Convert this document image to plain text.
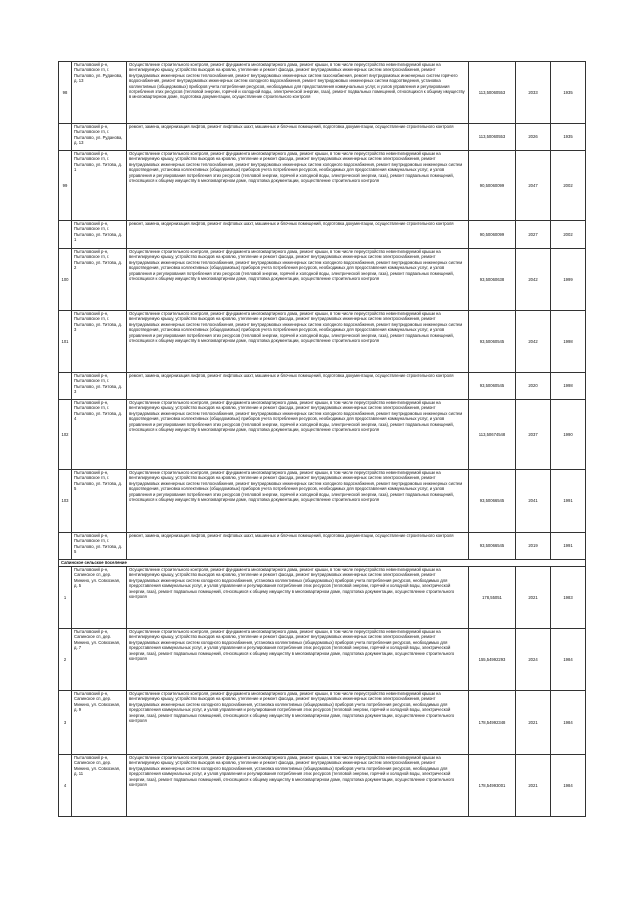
98	Пыталовский р-н, Пыталовское гп, г. Пыталово, ул. Руданова, д. 13	Осуществление строительного контроля, ремонт фундамента многоквартирного дома, ремонт крыши, в том числе переустройство невентилируемой крыши на вентилируемую крышу, устройство выходов на кровлю, утепление и ремонт фасада, ремонт внутридомовых инженерных систем электроснабжения, ремонт внутридомовых инженерных систем теплоснабжения, ремонт внутридомовых инженерных систем газоснабжения, ремонт внутридомовых инженерных систем горячего водоснабжения, ремонт внутридомовых инженерных систем холодного водоснабжения, ремонт внутридомовых инженерных систем водоотведения, установка коллективных (общедомовых) приборов учета потребления ресурсов, необходимых для предоставления коммунальных услуг, и узлов управления и регулирования потребления этих ресурсов (тепловой энергии, горячей и холодной воды, электрической энергии, газа), ремонт подвальных помещений, относящихся к общему имуществу в многоквартирном доме, подготовка документации, осуществление строительного контроля	113,50060553	2033	1935
	Пыталовский р-н, Пыталовское гп, г. Пыталово, ул. Руданова, д. 13	ремонт, замена, модернизация лифтов, ремонт лифтовых шахт, машинных и блочных помещений, подготовка документации, осуществление строительного контроля	113,50060553	2026	1935
99	Пыталовский р-н, Пыталовское гп, г. Пыталово, ул. Титова, д. 1	Осуществление строительного контроля, ремонт фундамента многоквартирного дома, ремонт крыши, в том числе переустройство невентилируемой крыши на вентилируемую крышу, устройство выходов на кровлю, утепление и ремонт фасада, ремонт внутридомовых инженерных систем электроснабжения, ремонт внутридомовых инженерных систем теплоснабжения, ремонт внутридомовых инженерных систем холодного водоснабжения, ремонт внутридомовых инженерных систем водоотведения, установка коллективных (общедомовых) приборов учета потребления ресурсов, необходимых для предоставления коммунальных услуг, и узлов управления и регулирования потребления этих ресурсов (тепловой энергии, горячей и холодной воды, электрической энергии, газа), ремонт подвальных помещений, относящихся к общему имуществу в многоквартирном доме, подготовка документации, осуществление строительного контроля	90,50060099	2047	2002
	Пыталовский р-н, Пыталовское гп, г. Пыталово, ул. Титова, д. 1	ремонт, замена, модернизация лифтов, ремонт лифтовых шахт, машинных и блочных помещений, подготовка документации, осуществление строительного контроля	90,50060099	2027	2002
100	Пыталовский р-н, Пыталовское гп, г. Пыталово, ул. Титова, д. 2	Осуществление строительного контроля, ремонт фундамента многоквартирного дома, ремонт крыши, в том числе переустройство невентилируемой крыши на вентилируемую крышу, устройство выходов на кровлю, утепление и ремонт фасада, ремонт внутридомовых инженерных систем электроснабжения, ремонт внутридомовых инженерных систем теплоснабжения, ремонт внутридомовых инженерных систем холодного водоснабжения, ремонт внутридомовых инженерных систем водоотведения, установка коллективных (общедомовых) приборов учета потребления ресурсов, необходимых для предоставления коммунальных услуг, и узлов управления и регулирования потребления этих ресурсов (тепловой энергии, горячей и холодной воды, электрической энергии, газа), ремонт подвальных помещений, относящихся к общему имуществу в многоквартирном доме, подготовка документации, осуществление строительного контроля	93,50060638	2042	1999
101	Пыталовский р-н, Пыталовское гп, г. Пыталово, ул. Титова, д. 3	Осуществление строительного контроля, ремонт фундамента многоквартирного дома, ремонт крыши, в том числе переустройство невентилируемой крыши на вентилируемую крышу, устройство выходов на кровлю, утепление и ремонт фасада, ремонт внутридомовых инженерных систем электроснабжения, ремонт внутридомовых инженерных систем теплоснабжения, ремонт внутридомовых инженерных систем холодного водоснабжения, ремонт внутридомовых инженерных систем водоотведения, установка коллективных (общедомовых) приборов учета потребления ресурсов, необходимых для предоставления коммунальных услуг, и узлов управления и регулирования потребления этих ресурсов (тепловой энергии, горячей и холодной воды, электрической энергии, газа), ремонт подвальных помещений, относящихся к общему имуществу в многоквартирном доме, подготовка документации, осуществление строительного контроля	93,50060545	2042	1998
	Пыталовский р-н, Пыталовское гп, г. Пыталово, ул. Титова, д. 3	ремонт, замена, модернизация лифтов, ремонт лифтовых шахт, машинных и блочных помещений, подготовка документации, осуществление строительного контроля	93,50060545	2020	1998
102	Пыталовский р-н, Пыталовское гп, г. Пыталово, ул. Титова, д. 4	Осуществление строительного контроля, ремонт фундамента многоквартирного дома, ремонт крыши, в том числе переустройство невентилируемой крыши на вентилируемую крышу, устройство выходов на кровлю, утепление и ремонт фасада, ремонт внутридомовых инженерных систем электроснабжения, ремонт внутридомовых инженерных систем теплоснабжения, ремонт внутридомовых инженерных систем холодного водоснабжения, ремонт внутридомовых инженерных систем водоотведения, установка коллективных (общедомовых) приборов учета потребления ресурсов, необходимых для предоставления коммунальных услуг, и узлов управления и регулирования потребления этих ресурсов (тепловой энергии, горячей и холодной воды, электрической энергии, газа), ремонт подвальных помещений, относящихся к общему имуществу в многоквартирном доме, подготовка документации, осуществление строительного контроля	113,50674548	2037	1990
103	Пыталовский р-н, Пыталовское гп, г. Пыталово, ул. Титова, д. 5	Осуществление строительного контроля, ремонт фундамента многоквартирного дома, ремонт крыши, в том числе переустройство невентилируемой крыши на вентилируемую крышу, устройство выходов на кровлю, утепление и ремонт фасада, ремонт внутридомовых инженерных систем электроснабжения, ремонт внутридомовых инженерных систем теплоснабжения, ремонт внутридомовых инженерных систем холодного водоснабжения, ремонт внутридомовых инженерных систем водоотведения, установка коллективных (общедомовых) приборов учета потребления ресурсов, необходимых для предоставления коммунальных услуг, и узлов управления и регулирования потребления этих ресурсов (тепловой энергии, горячей и холодной воды, электрической энергии, газа), ремонт подвальных помещений, относящихся к общему имуществу в многоквартирном доме, подготовка документации, осуществление строительного контроля	93,50066545	2041	1991
	Пыталовский р-н, Пыталовское гп, г. Пыталово, ул. Титова, д. 5	ремонт, замена, модернизация лифтов, ремонт лифтовых шахт, машинных и блочных помещений, подготовка документации, осуществление строительного контроля	93,50066545	2019	1991
Сапинское сельское поселение					
1	Пыталовский р-н, Сапинское сп, дер. Минино, ул. Совхозная, д. 5	Осуществление строительного контроля, ремонт фундамента многоквартирного дома, ремонт крыши, в том числе переустройство невентилируемой крыши на вентилируемую крышу, устройство выходов на кровлю, утепление и ремонт фасада, ремонт внутридомовых инженерных систем электроснабжения, ремонт внутридомовых инженерных систем холодного водоснабжения, установка коллективных (общедомовых) приборов учета потребления ресурсов, необходимых для предоставления коммунальных услуг, и узлов управления и регулирования потребления этих ресурсов (тепловой энергии, горячей и холодной воды, электрической энергии, газа), ремонт подвальных помещений, относящихся к общему имуществу в многоквартирном доме, подготовка документации, осуществление строительного контроля	178,55051	2021	1983
2	Пыталовский р-н, Сапинское сп, дер. Минино, ул. Совхозная, д. 7	Осуществление строительного контроля, ремонт фундамента многоквартирного дома, ремонт крыши, в том числе переустройство невентилируемой крыши на вентилируемую крышу, устройство выходов на кровлю, утепление и ремонт фасада, ремонт внутридомовых инженерных систем электроснабжения, ремонт внутридомовых инженерных систем холодного водоснабжения, установка коллективных (общедомовых) приборов учета потребления ресурсов, необходимых для предоставления коммунальных услуг, и узлов управления и регулирования потребления этих ресурсов (тепловой энергии, горячей и холодной воды, электрической энергии, газа), ремонт подвальных помещений, относящихся к общему имуществу в многоквартирном доме, подготовка документации, осуществление строительного контроля	155,54992293	2024	1984
3	Пыталовский р-н, Сапинское сп, дер. Минино, ул. Совхозная, д. 9	Осуществление строительного контроля, ремонт фундамента многоквартирного дома, ремонт крыши, в том числе переустройство невентилируемой крыши на вентилируемую крышу, устройство выходов на кровлю, утепление и ремонт фасада, ремонт внутридомовых инженерных систем электроснабжения, ремонт внутридомовых инженерных систем холодного водоснабжения, установка коллективных (общедомовых) приборов учета потребления ресурсов, необходимых для предоставления коммунальных услуг, и узлов управления и регулирования потребления этих ресурсов (тепловой энергии, горячей и холодной воды, электрической энергии, газа), ремонт подвальных помещений, относящихся к общему имуществу в многоквартирном доме, подготовка документации, осуществление строительного контроля	178,54992348	2021	1984
4	Пыталовский р-н, Сапинское сп, дер. Минино, ул. Совхозная, д. 11	Осуществление строительного контроля, ремонт фундамента многоквартирного дома, ремонт крыши, в том числе переустройство невентилируемой крыши на вентилируемую крышу, устройство выходов на кровлю, утепление и ремонт фасада, ремонт внутридомовых инженерных систем электроснабжения, ремонт внутридомовых инженерных систем холодного водоснабжения, установка коллективных (общедомовых) приборов учета потребления ресурсов, необходимых для предоставления коммунальных услуг, и узлов управления и регулирования потребления этих ресурсов (тепловой энергии, горячей и холодной воды, электрической энергии, газа), ремонт подвальных помещений, относящихся к общему имуществу в многоквартирном доме, подготовка документации, осуществление строительного контроля	178,54993001	2021	1984
